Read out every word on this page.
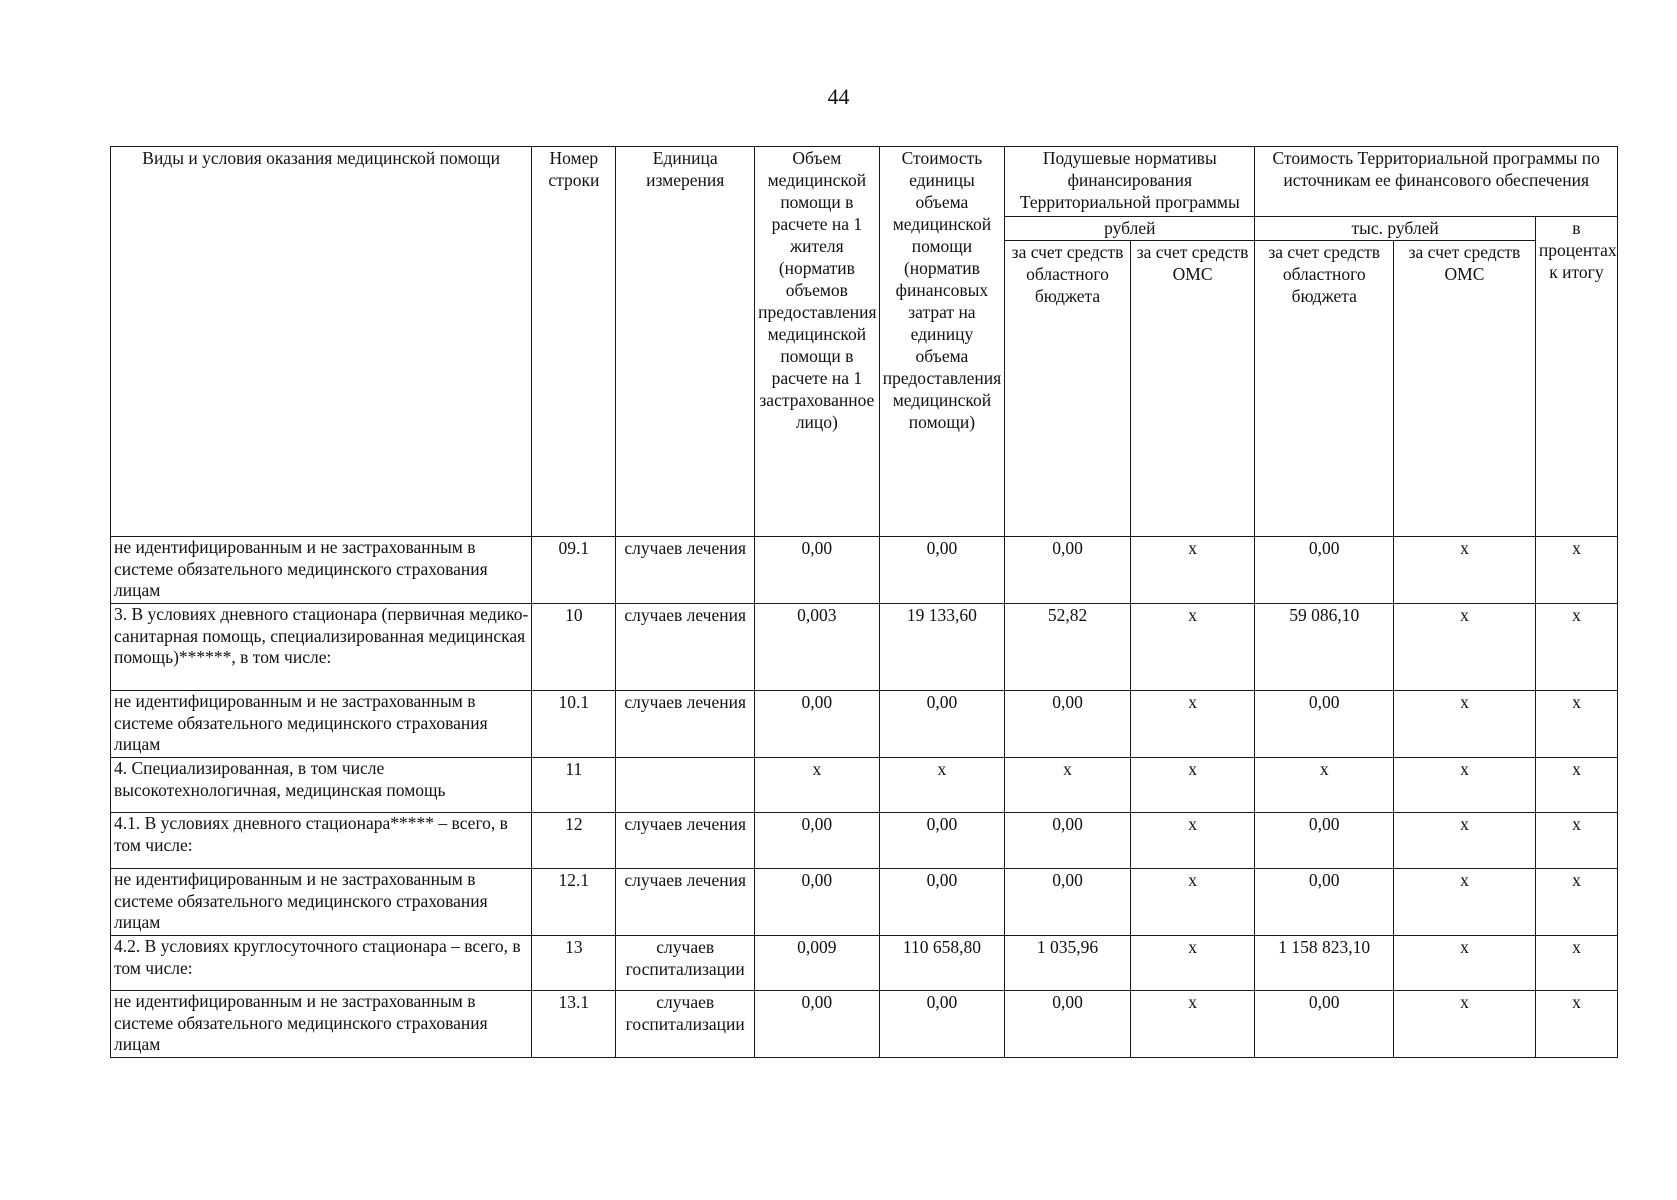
44
Виды и условия оказания медицинской помощи	Номер строки	Единица измерения	Объем медицинской помощи в расчете на 1 жителя (норматив объемов предоставления медицинской помощи в расчете на 1 застрахованное лицо)	Стоимость единицы объема медицинской помощи (норматив финансовых затрат на единицу объема предоставления медицинской помощи)	Подушевые нормативы финансирования Территориальной программы		Стоимость Территориальной программы по источникам ее финансового обеспечения		
					рублей		тыс. рублей		в процентах к итогу
					за счет средств областного бюджета	за счет средств ОМС	за счет средств областного бюджета	за счет средств ОМС	
не идентифицированным и не застрахованным в системе обязательного медицинского страхования лицам	09.1	случаев лечения	0,00	0,00	0,00	х	0,00	х	х
3. В условиях дневного стационара (первичная медико-санитарная помощь, специализированная медицинская помощь)******, в том числе:	10	случаев лечения	0,003	19 133,60	52,82	х	59 086,10	х	х
не идентифицированным и не застрахованным в системе обязательного медицинского страхования лицам	10.1	случаев лечения	0,00	0,00	0,00	х	0,00	х	х
4. Специализированная, в том числе высокотехнологичная, медицинская помощь	11		х	х	х	х	х	х	х
4.1. В условиях дневного стационара***** – всего, в том числе:	12	случаев лечения	0,00	0,00	0,00	х	0,00	х	х
не идентифицированным и не застрахованным в системе обязательного медицинского страхования лицам	12.1	случаев лечения	0,00	0,00	0,00	х	0,00	х	х
4.2. В условиях круглосуточного стационара – всего, в том числе:	13	случаев госпитализации	0,009	110 658,80	1 035,96	х	1 158 823,10	х	х
не идентифицированным и не застрахованным в системе обязательного медицинского страхования лицам	13.1	случаев госпитализации	0,00	0,00	0,00	х	0,00	х	х
